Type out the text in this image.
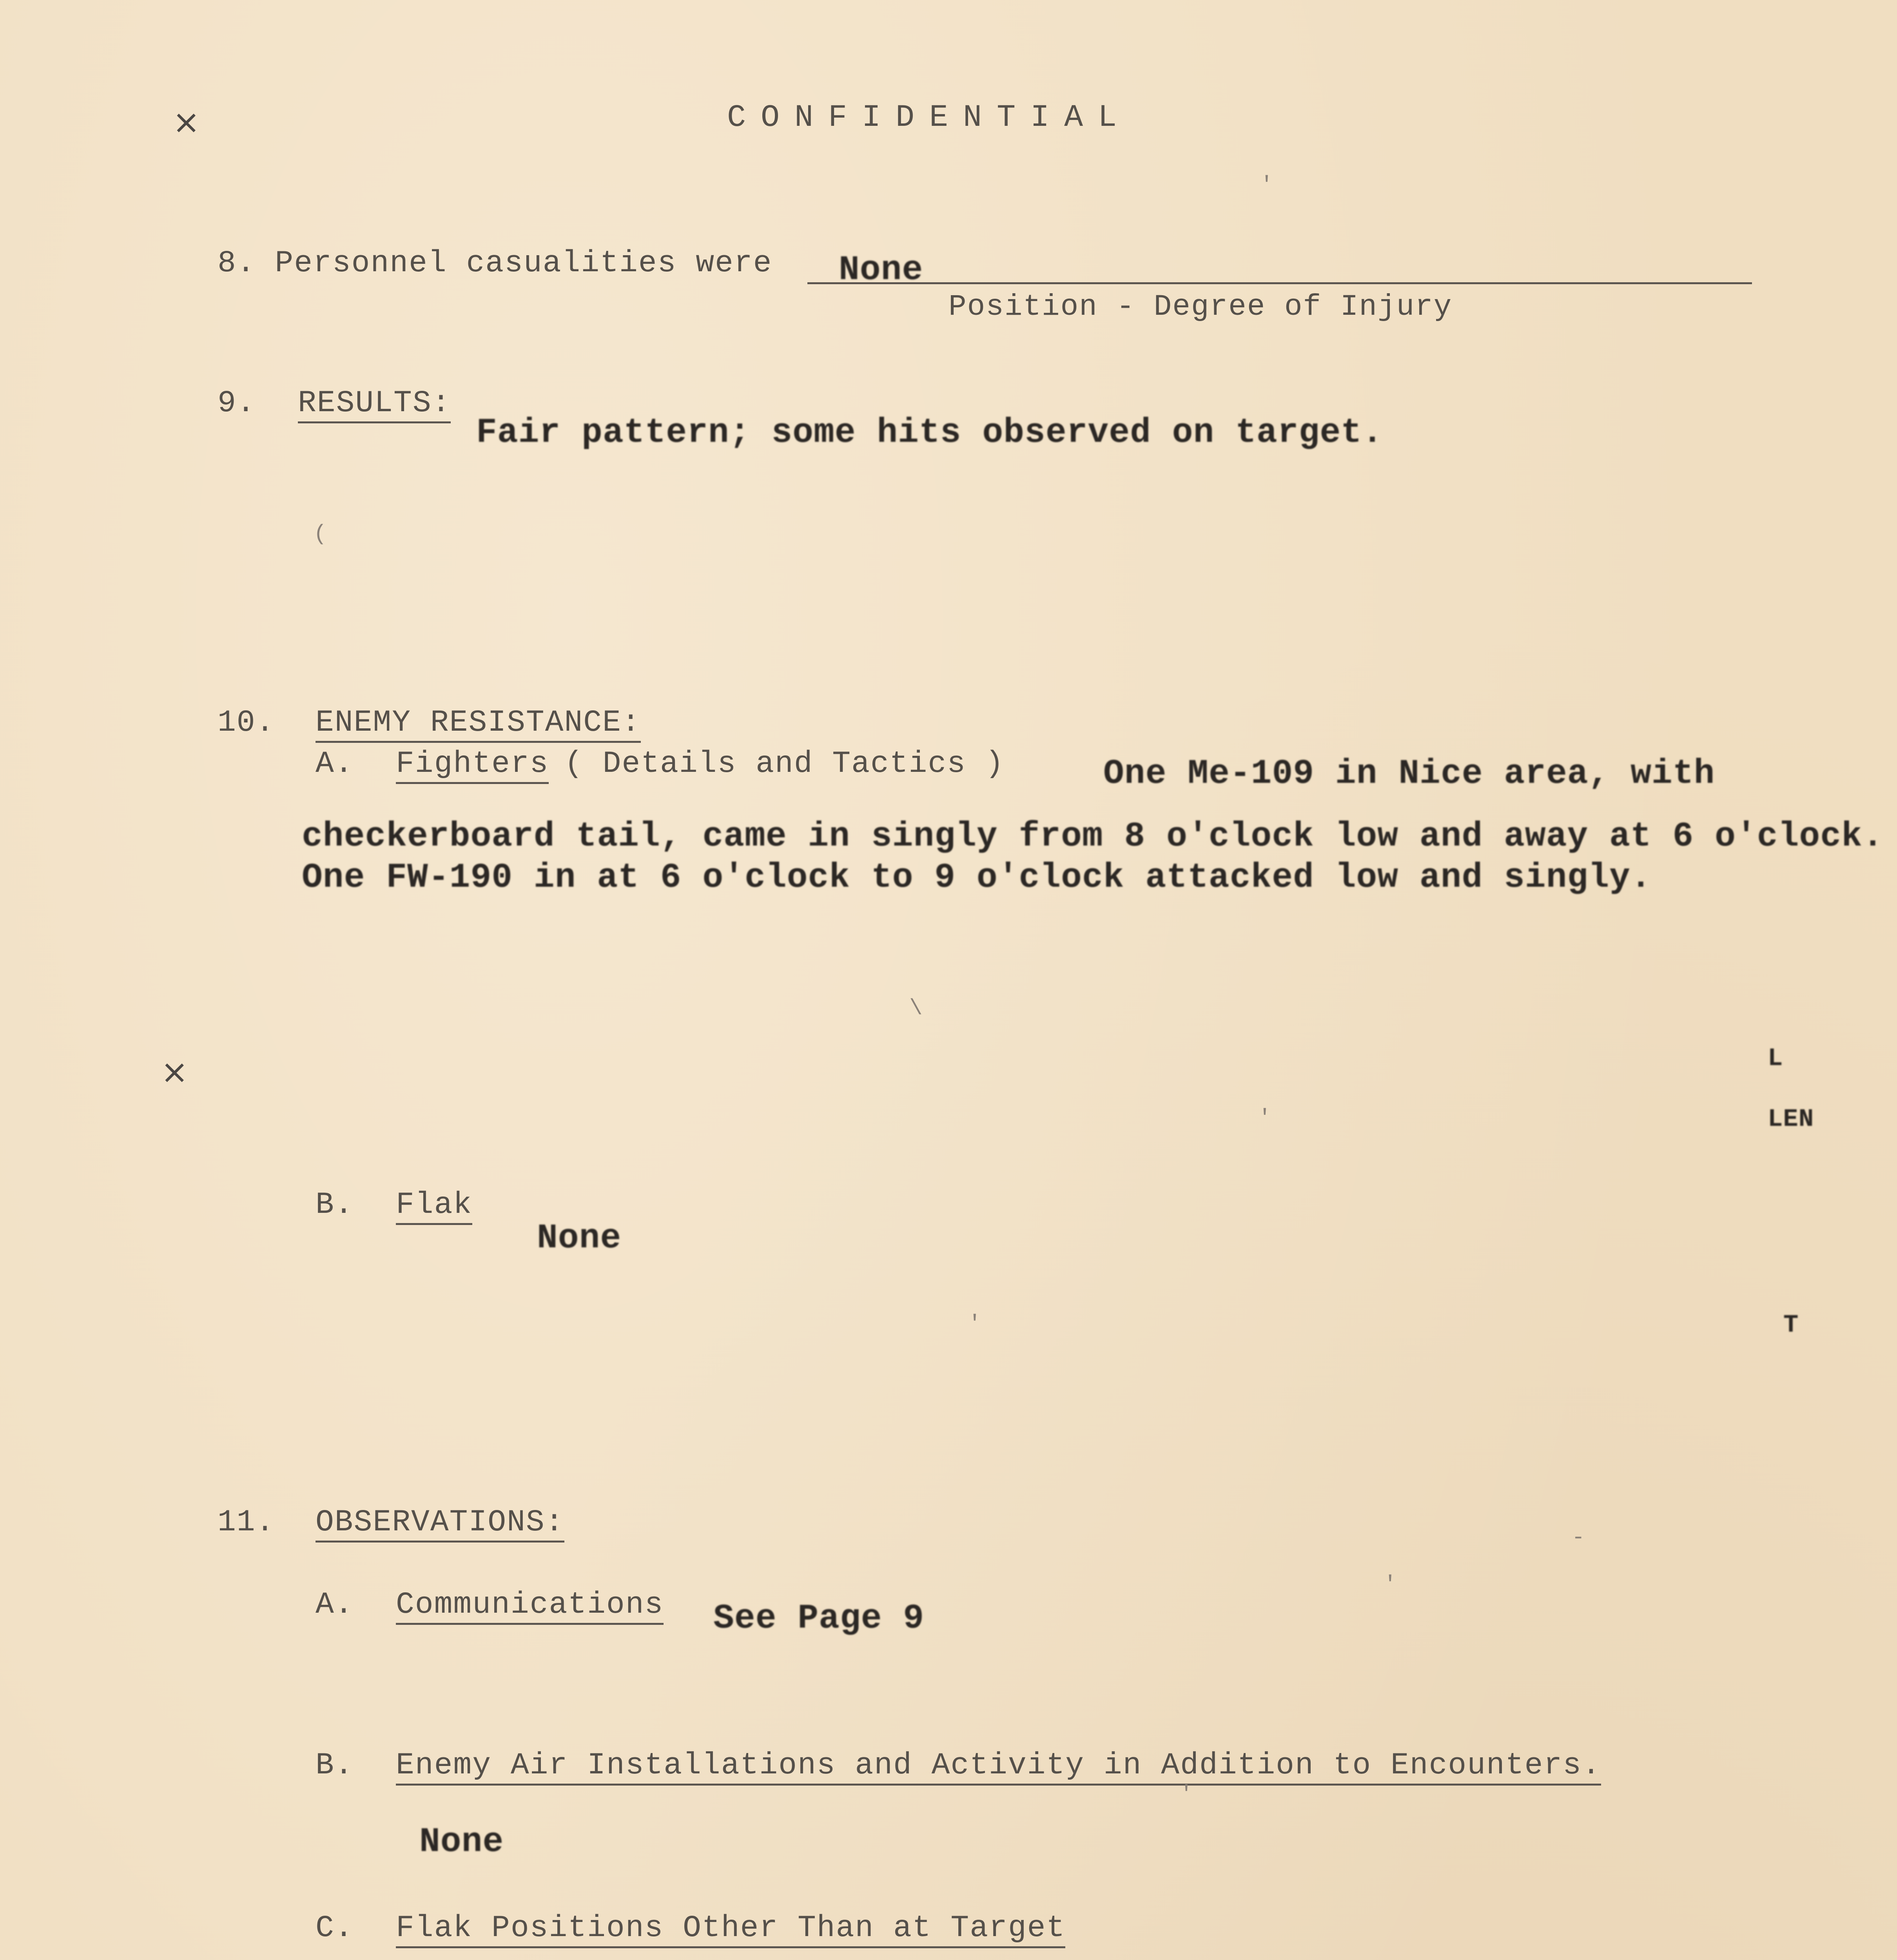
CONFIDENTIAL
×
8. Personnel casualities were None
Position - Degree of Injury
9. RESULTS:
Fair pattern; some hits observed on target.
10. ENEMY RESISTANCE:
A. Fighters ( Details and Tactics )	One Me-109 in Nice area, with
checkerboard tail, came in singly from 8 o'clock low and away at 6 o'clock.
One FW-190 in at 6 o'clock to 9 o'clock attacked low and singly.
×	L
LEN
B. Flak
None
T
11. OBSERVATIONS:
A. Communications See Page 9
B. Enemy Air Installations and Activity in Addition to Encounters.
None
C. Flak Positions Other Than at Target
'
(
\
'
'
-
'
'
